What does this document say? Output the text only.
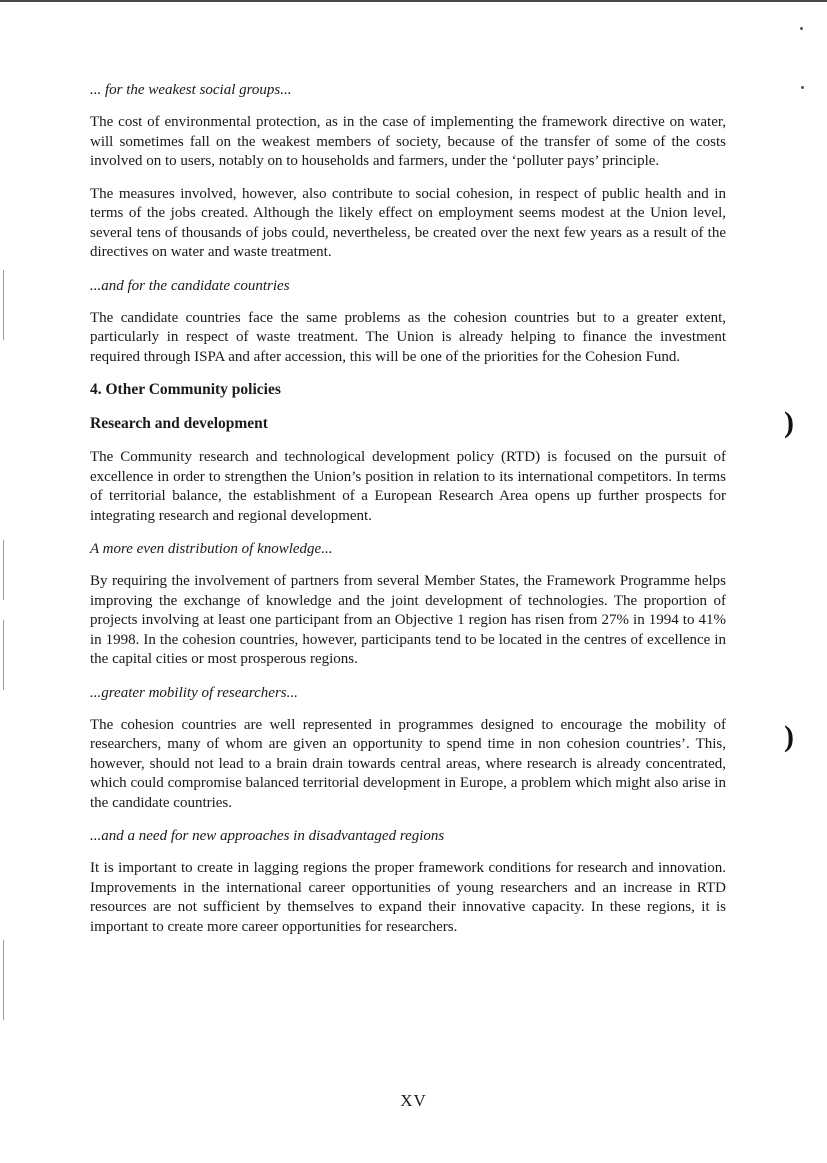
... for the weakest social groups...

The cost of environmental protection, as in the case of implementing the framework directive on water, will sometimes fall on the weakest members of society, because of the transfer of some of the costs involved on to users, notably on to households and farmers, under the ‘polluter pays’ principle.

The measures involved, however, also contribute to social cohesion, in respect of public health and in terms of the jobs created. Although the likely effect on employment seems modest at the Union level, several tens of thousands of jobs could, nevertheless, be created over the next few years as a result of the directives on water and waste treatment.

...and for the candidate countries

The candidate countries face the same problems as the cohesion countries but to a greater extent, particularly in respect of waste treatment. The Union is already helping to finance the investment required through ISPA and after accession, this will be one of the priorities for the Cohesion Fund.

4. Other Community policies
Research and development

The Community research and technological development policy (RTD) is focused on the pursuit of excellence in order to strengthen the Union’s position in relation to its international competitors. In terms of territorial balance, the establishment of a European Research Area opens up further prospects for integrating research and regional development.

A more even distribution of knowledge...

By requiring the involvement of partners from several Member States, the Framework Programme helps improving the exchange of knowledge and the joint development of technologies. The proportion of projects involving at least one participant from an Objective 1 region has risen from 27% in 1994 to 41% in 1998. In the cohesion countries, however, participants tend to be located in the centres of excellence in the capital cities or most prosperous regions.

...greater mobility of researchers...

The cohesion countries are well represented in programmes designed to encourage the mobility of researchers, many of whom are given an opportunity to spend time in non cohesion countries’. This, however, should not lead to a brain drain towards central areas, where research is already concentrated, which could compromise balanced territorial development in Europe, a problem which might also arise in the candidate countries.

...and a need for new approaches in disadvantaged regions

It is important to create in lagging regions the proper framework conditions for research and innovation. Improvements in the international career opportunities of young researchers and an increase in RTD resources are not sufficient by themselves to expand their innovative capacity. In these regions, it is important to create more career opportunities for researchers.

)
)
XV
